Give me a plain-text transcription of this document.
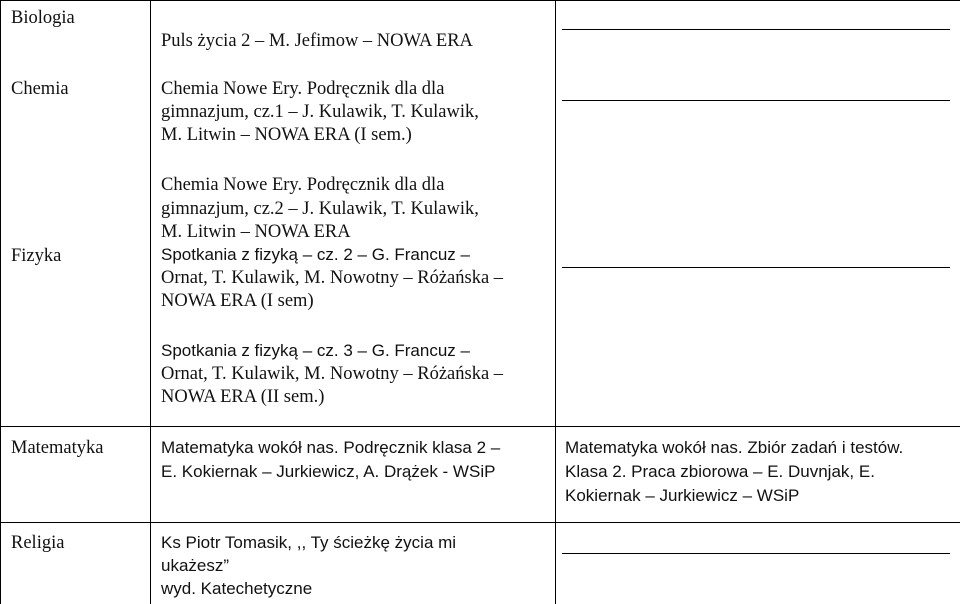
Biologia
Chemia
Fizyka
Matematyka
Religia
Puls życia 2 – M. Jefimow – NOWA ERA
Chemia Nowe Ery. Podręcznik dla dla
gimnazjum, cz.1 – J. Kulawik, T. Kulawik,
M. Litwin – NOWA ERA (I sem.)
Chemia Nowe Ery. Podręcznik dla dla
gimnazjum, cz.2 – J. Kulawik, T. Kulawik,
M. Litwin – NOWA ERA
Spotkania z fizyką – cz. 2 – G. Francuz –
Ornat, T. Kulawik, M. Nowotny – Różańska –
NOWA ERA (I sem)
Spotkania z fizyką – cz. 3 – G. Francuz –
Ornat, T. Kulawik, M. Nowotny – Różańska –
NOWA ERA (II sem.)
Matematyka wokół nas. Podręcznik klasa 2 –
E. Kokiernak – Jurkiewicz, A. Drążek - WSiP
Matematyka wokół nas. Zbiór zadań i testów.
Klasa 2. Praca zbiorowa – E. Duvnjak, E.
Kokiernak – Jurkiewicz – WSiP
Ks Piotr Tomasik, ,, Ty ścieżkę życia mi
ukażesz”
wyd. Katechetyczne
